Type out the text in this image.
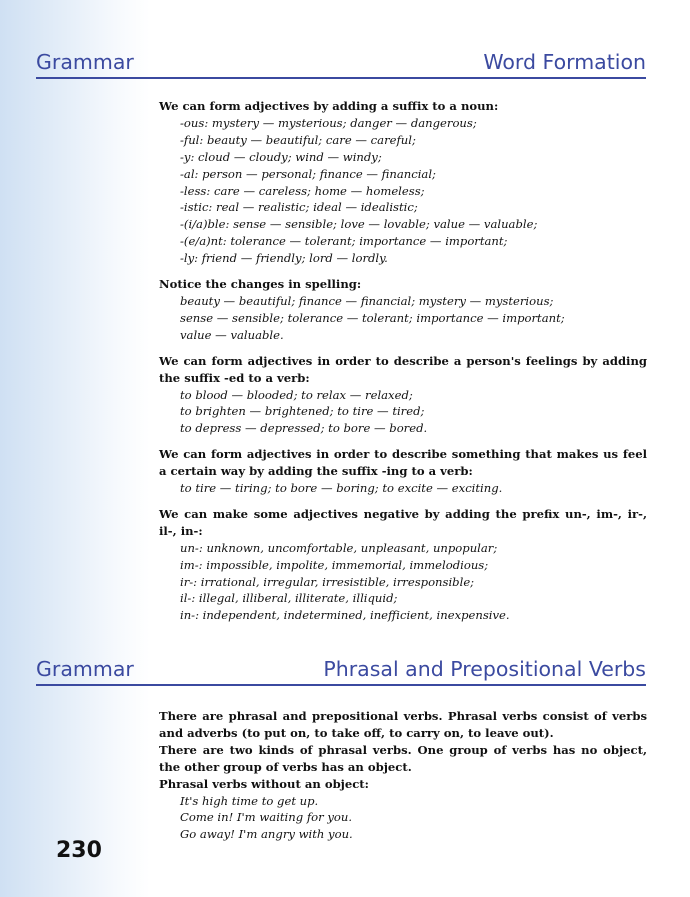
Grammar	Word Formation

We can form adjectives by adding a suffix to a noun:

-ous: mystery — mysterious; danger — dangerous;

-ful: beauty — beautiful; care — careful;

-y: cloud — cloudy; wind — windy;

-al: person — personal; finance — financial;

-less: care — careless; home — homeless;

-istic: real — realistic; ideal — idealistic;

-(i/a)ble: sense — sensible; love — lovable; value — valuable;

-(e/a)nt: tolerance — tolerant; importance — important;

-ly: friend — friendly; lord — lordly.

Notice the changes in spelling:

beauty — beautiful; finance — financial; mystery — mysterious;

sense — sensible; tolerance — tolerant; importance — important;

value — valuable.

We can form adjectives in order to describe a person's feelings by adding the suffix -ed to a verb:

to blood — blooded; to relax — relaxed;

to brighten — brightened; to tire — tired;

to depress — depressed; to bore — bored.

We can form adjectives in order to describe something that makes us feel a certain way by adding the suffix -ing to a verb:

to tire — tiring; to bore — boring; to excite — exciting.

We can make some adjectives negative by adding the prefix un-, im-, ir-, il-, in-:

un-: unknown, uncomfortable, unpleasant, unpopular;

im-: impossible, impolite, immemorial, immelodious;

ir-: irrational, irregular, irresistible, irresponsible;

il-: illegal, illiberal, illiterate, illiquid;

in-: independent, indetermined, inefficient, inexpensive.

Grammar	Phrasal and Prepositional Verbs

There are phrasal and prepositional verbs. Phrasal verbs consist of verbs and adverbs (to put on, to take off, to carry on, to leave out).

There are two kinds of phrasal verbs. One group of verbs has no object, the other group of verbs has an object.

Phrasal verbs without an object:

It's high time to get up.

Come in! I'm waiting for you.

Go away! I'm angry with you.

230
